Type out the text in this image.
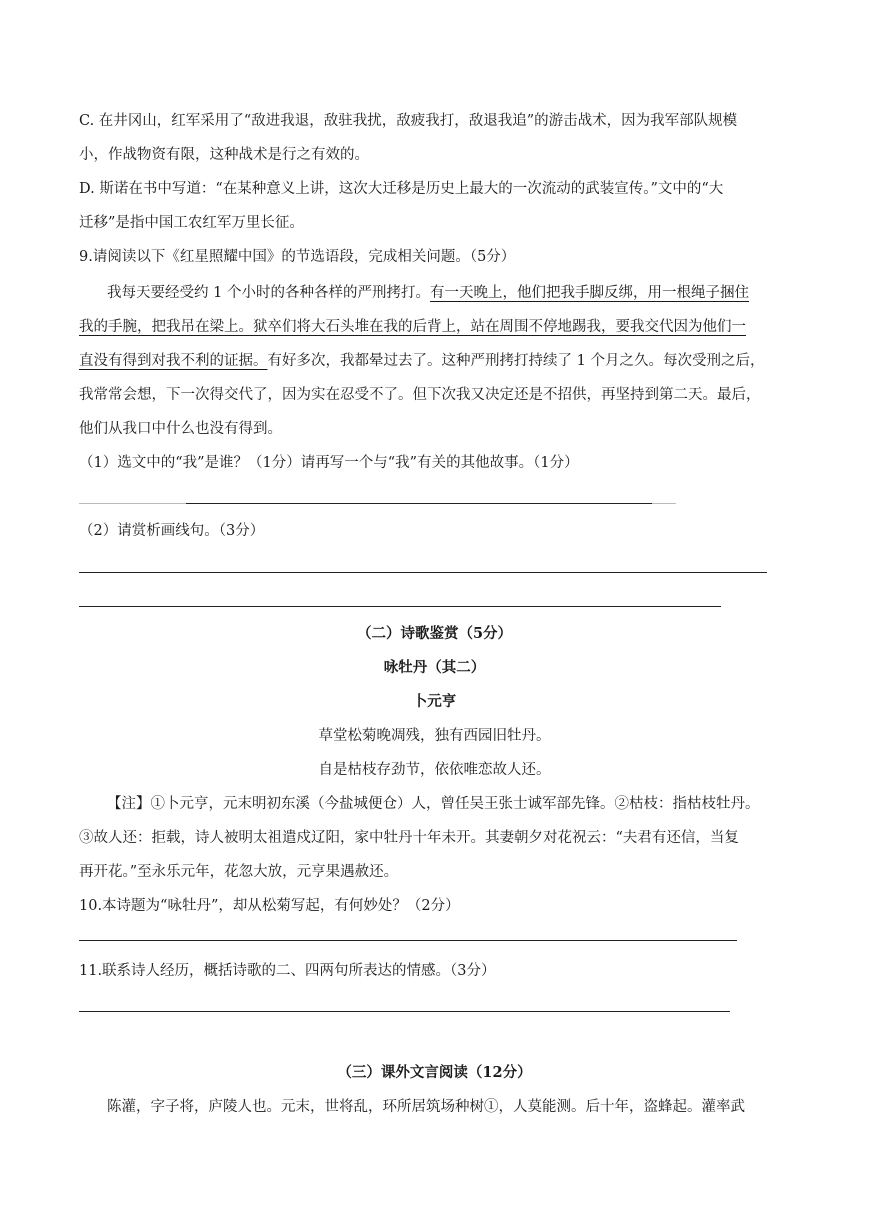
C. 在井冈山，红军采用了“敌进我退，敌驻我扰，敌疲我打，敌退我追”的游击战术，因为我军部队规模
小，作战物资有限，这种战术是行之有效的。
D. 斯诺在书中写道：“在某种意义上讲，这次大迁移是历史上最大的一次流动的武装宣传。”文中的“大
迁移”是指中国工农红军万里长征。
9.请阅读以下《红星照耀中国》的节选语段，完成相关问题。（5分）
我每天要经受约 1 个小时的各种各样的严刑拷打。有一天晚上，他们把我手脚反绑，用一根绳子捆住
我的手腕，把我吊在梁上。狱卒们将大石头堆在我的后背上，站在周围不停地踢我，要我交代因为他们一
直没有得到对我不利的证据。有好多次，我都晕过去了。这种严刑拷打持续了 1 个月之久。每次受刑之后，
我常常会想，下一次得交代了，因为实在忍受不了。但下次我又决定还是不招供，再坚持到第二天。最后，
他们从我口中什么也没有得到。
（1）选文中的“我”是谁？（1分）请再写一个与“我”有关的其他故事。（1分）
（2）请赏析画线句。（3分）
（二）诗歌鉴赏（5分）
咏牡丹（其二）
卜元亨
草堂松菊晚凋残，独有西园旧牡丹。
自是枯枝存劲节，依依唯恋故人还。
【注】①卜元亨，元末明初东溪（今盐城便仓）人，曾任吴王张士诚军部先锋。②枯枝：指枯枝牡丹。
③故人还：拒载，诗人被明太祖遣戍辽阳，家中牡丹十年未开。其妻朝夕对花祝云：“夫君有还信，当复
再开花。”至永乐元年，花忽大放，元亨果遇赦还。
10.本诗题为“咏牡丹”，却从松菊写起，有何妙处？（2分）
11.联系诗人经历，概括诗歌的二、四两句所表达的情感。（3分）
（三）课外文言阅读（12分）
陈灌，字子将，庐陵人也。元末，世将乱，环所居筑场种树①，人莫能测。后十年，盗蜂起。灌率武
